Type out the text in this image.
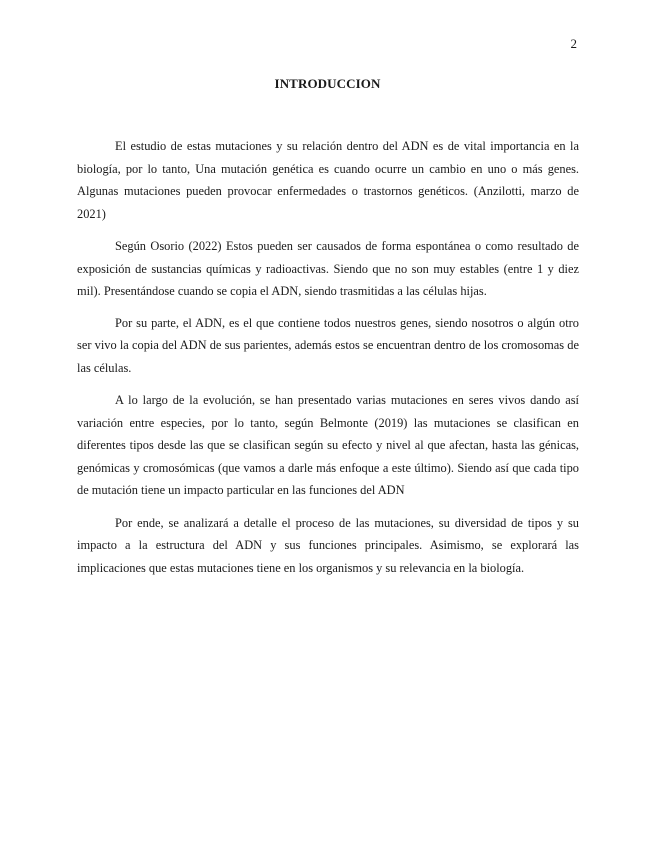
2
INTRODUCCION

El estudio de estas mutaciones y su relación dentro del ADN es de vital importancia en la biología, por lo tanto, Una mutación genética es cuando ocurre un cambio en uno o más genes. Algunas mutaciones pueden provocar enfermedades o trastornos genéticos. (Anzilotti, marzo de 2021)

Según Osorio (2022) Estos pueden ser causados de forma espontánea o como resultado de exposición de sustancias químicas y radioactivas. Siendo que no son muy estables (entre 1 y diez mil). Presentándose cuando se copia el ADN, siendo trasmitidas a las células hijas.

Por su parte, el ADN, es el que contiene todos nuestros genes, siendo nosotros o algún otro ser vivo la copia del ADN de sus parientes, además estos se encuentran dentro de los cromosomas de las células.

A lo largo de la evolución, se han presentado varias mutaciones en seres vivos dando así variación entre especies, por lo tanto, según Belmonte (2019) las mutaciones se clasifican en diferentes tipos desde las que se clasifican según su efecto y nivel al que afectan, hasta las génicas, genómicas y cromosómicas (que vamos a darle más enfoque a este último). Siendo así que cada tipo de mutación tiene un impacto particular en las funciones del ADN

Por ende, se analizará a detalle el proceso de las mutaciones, su diversidad de tipos y su impacto a la estructura del ADN y sus funciones principales. Asimismo, se explorará las implicaciones que estas mutaciones tiene en los organismos y su relevancia en la biología.
